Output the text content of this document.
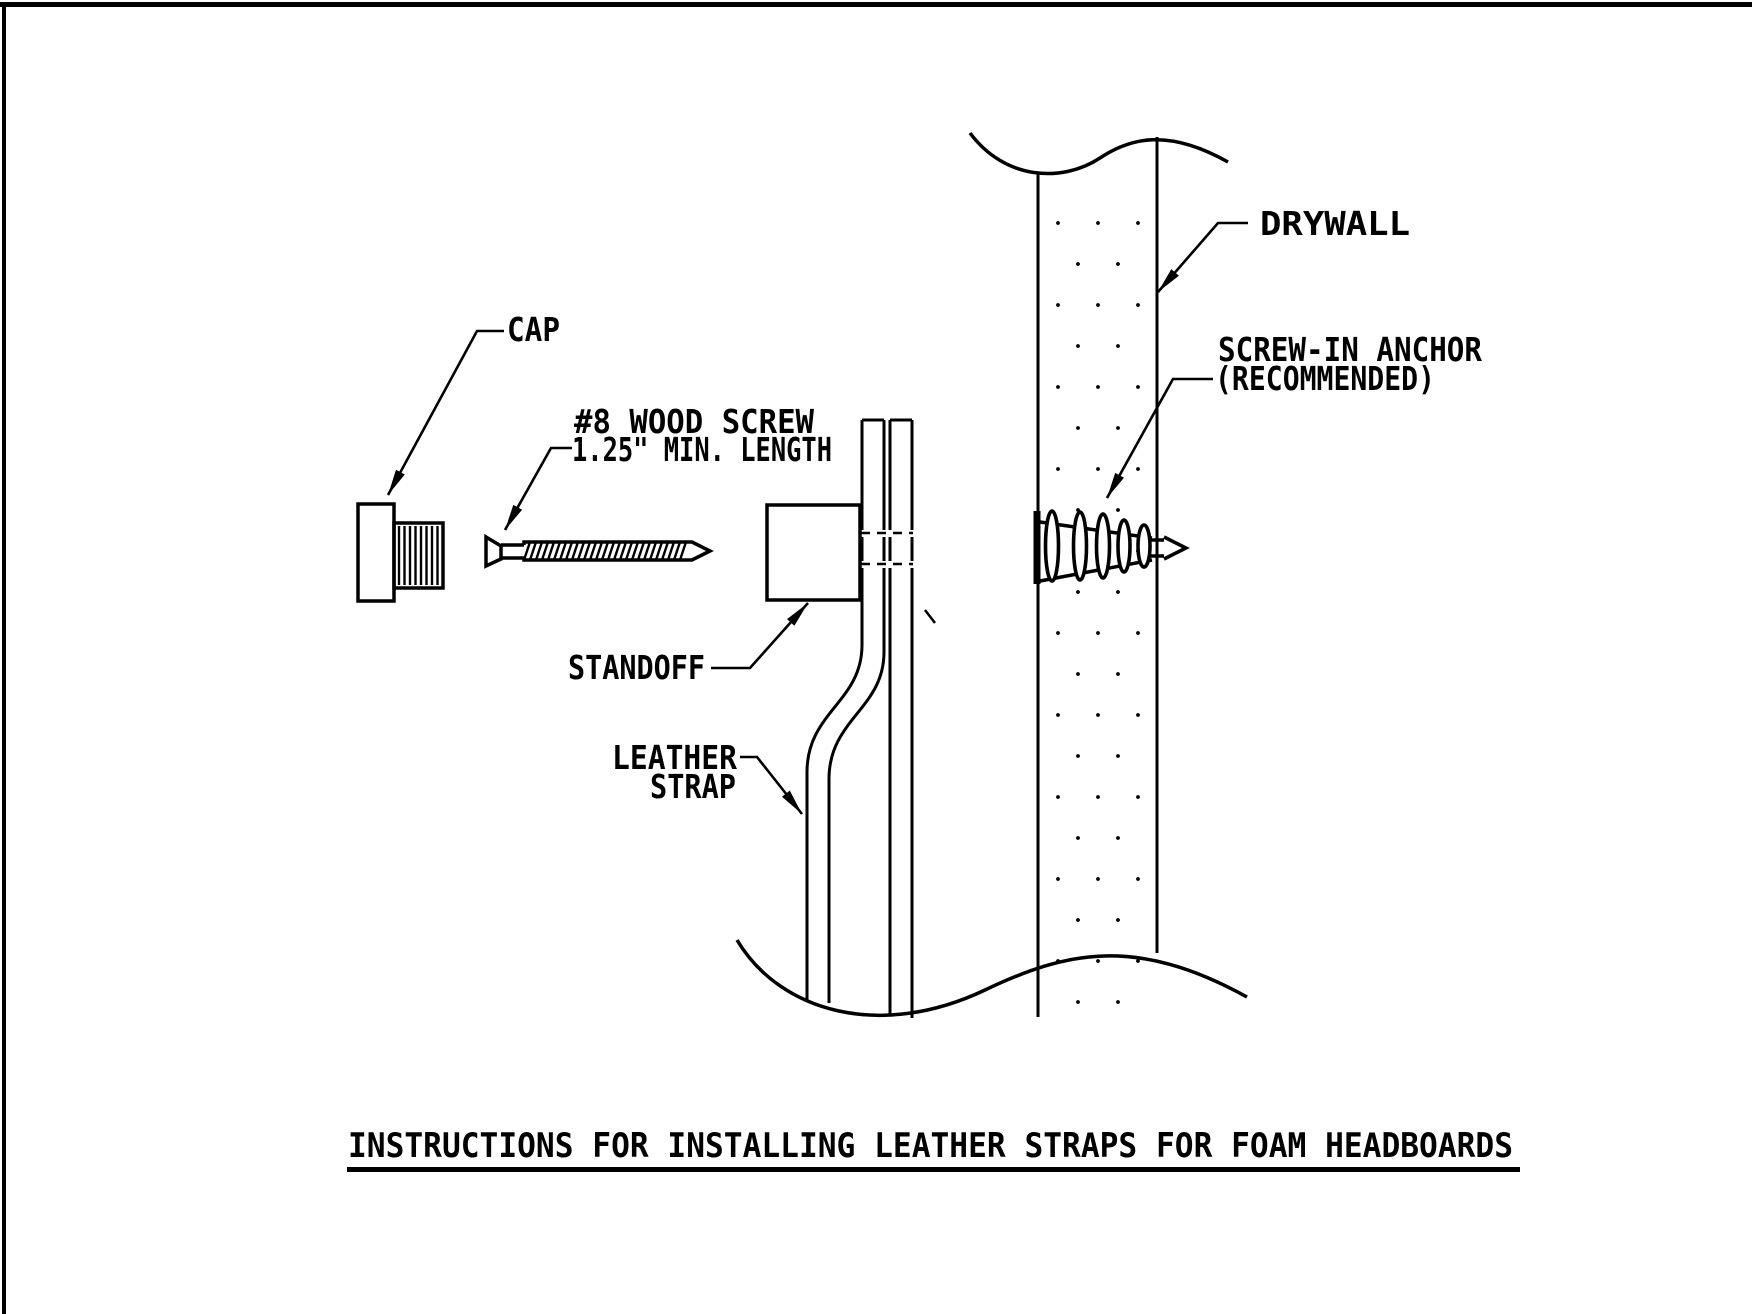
CAP
#8 WOOD SCREW
1.25" MIN. LENGTH
STANDOFF
LEATHER
STRAP
DRYWALL
SCREW-IN ANCHOR
(RECOMMENDED)
INSTRUCTIONS FOR INSTALLING LEATHER STRAPS FOR FOAM HEADBOARDS
